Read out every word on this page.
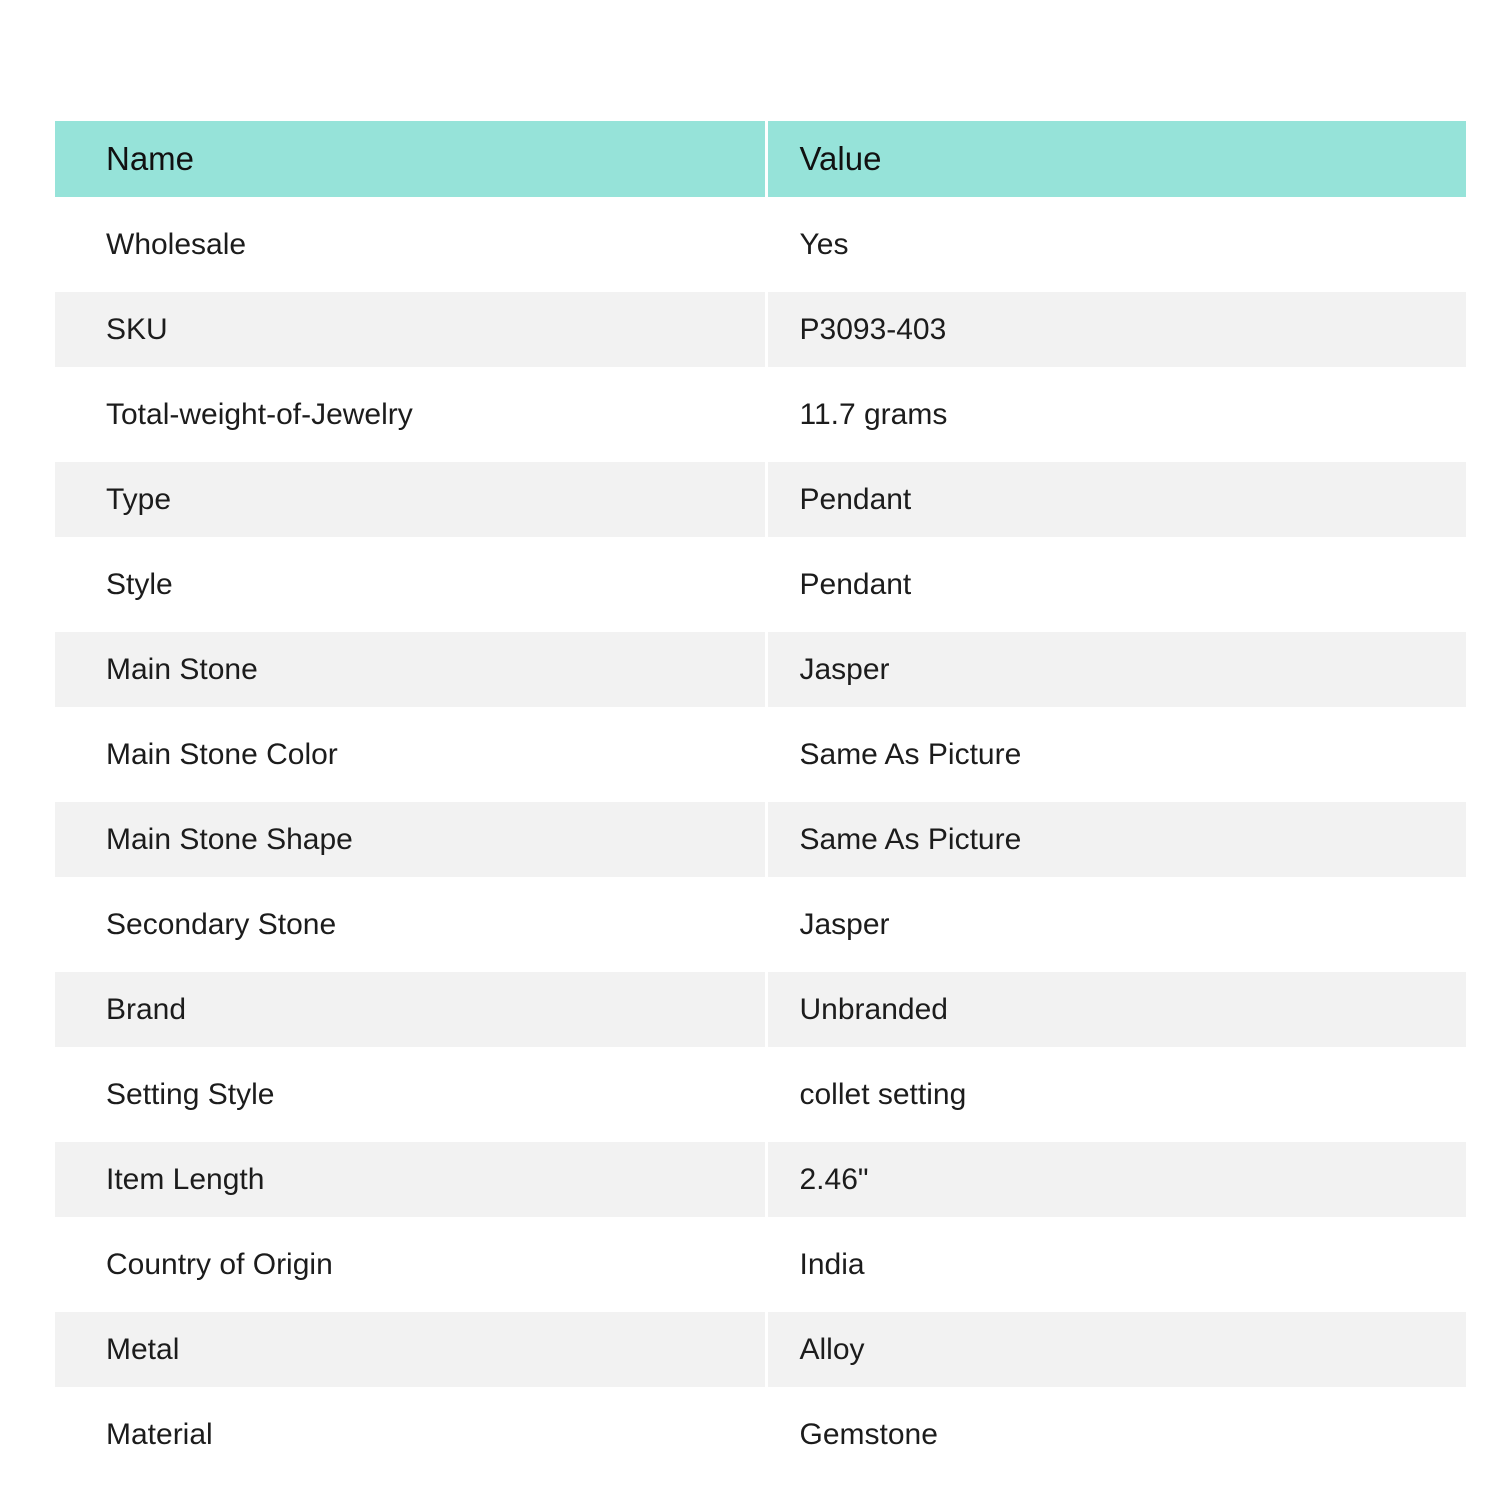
Name	Value
Wholesale	Yes
SKU	P3093-403
Total-weight-of-Jewelry	11.7 grams
Type	Pendant
Style	Pendant
Main Stone	Jasper
Main Stone Color	Same As Picture
Main Stone Shape	Same As Picture
Secondary Stone	Jasper
Brand	Unbranded
Setting Style	collet setting
Item Length	2.46"
Country of Origin	India
Metal	Alloy
Material	Gemstone
